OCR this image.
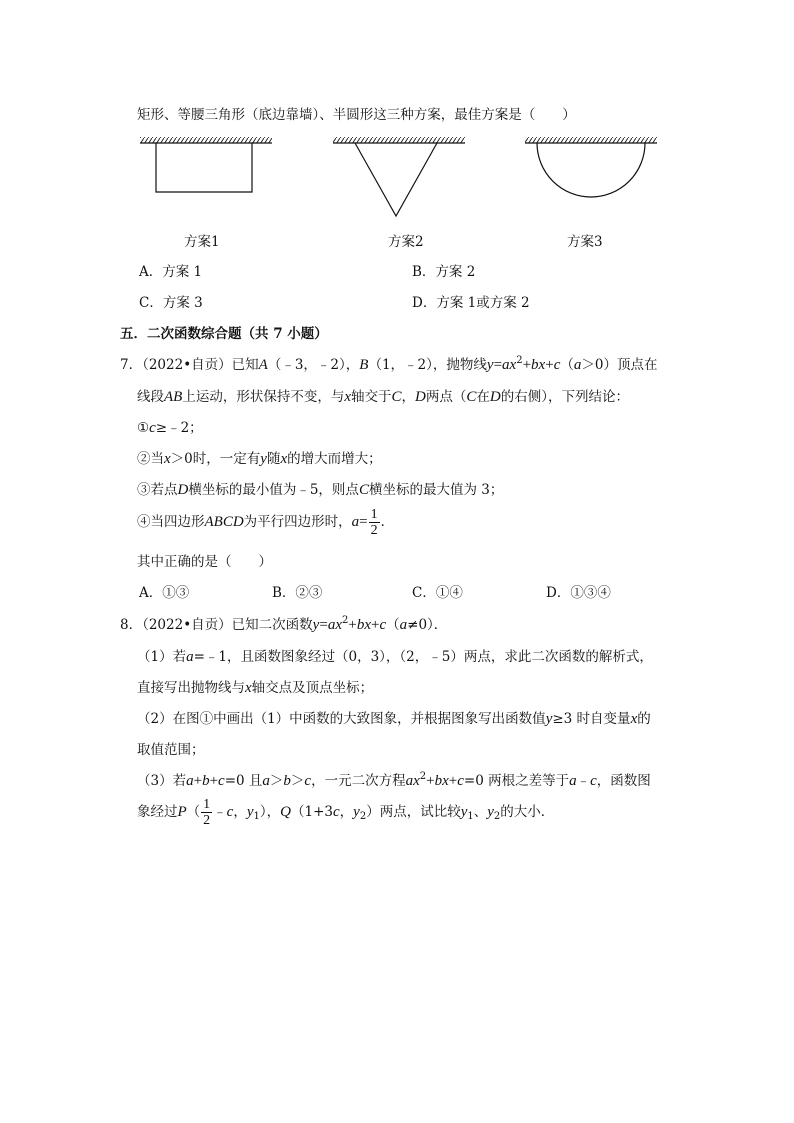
矩形、等腰三角形（底边靠墙）、半圆形这三种方案，最佳方案是（　　）
方案1	方案2	方案3
A．方案 1	B．方案 2
C．方案 3	D．方案 1或方案 2
五．二次函数综合题（共 7 小题）
7．（2022•自贡）已知A（﹣3，﹣2），B（1，﹣2），抛物线$y=ax^2+bx+c(a>0)$顶点在
线段AB上运动，形状保持不变，与x轴交于C，D两点（C在D的右侧），下列结论：
①c≥﹣2；
②当x＞0时，一定有y随x的增大而增大；
③若点D横坐标的最小值为﹣5，则点C横坐标的最大值为 3；
④当四边形ABCD为平行四边形时，$a= \frac{1}{2}$ ．
其中正确的是（　　）
A．①③	B．②③	C．①④	D．①③④
8．（2022•自贡）已知二次函数$y=ax^2+bx+c(a\ne 0)$．
（1）若a=﹣1，且函数图象经过（0，3），（2，﹣5）两点，求此二次函数的解析式，
直接写出抛物线与x轴交点及顶点坐标；
（2）在图①中画出（1）中函数的大致图象，并根据图象写出函数值y≥3 时自变量x的
取值范围；
（3）若a+b+c=0 且a＞b＞c，一元二次方程$ax^2+bx+c=0$ 两根之差等于a﹣c，函数图
象经过$P( \frac{1}{2}$ ﹣c，$y_1$），Q（1+3c，$y_2$）两点，试比较$y_1$、$y_2$的大小．
